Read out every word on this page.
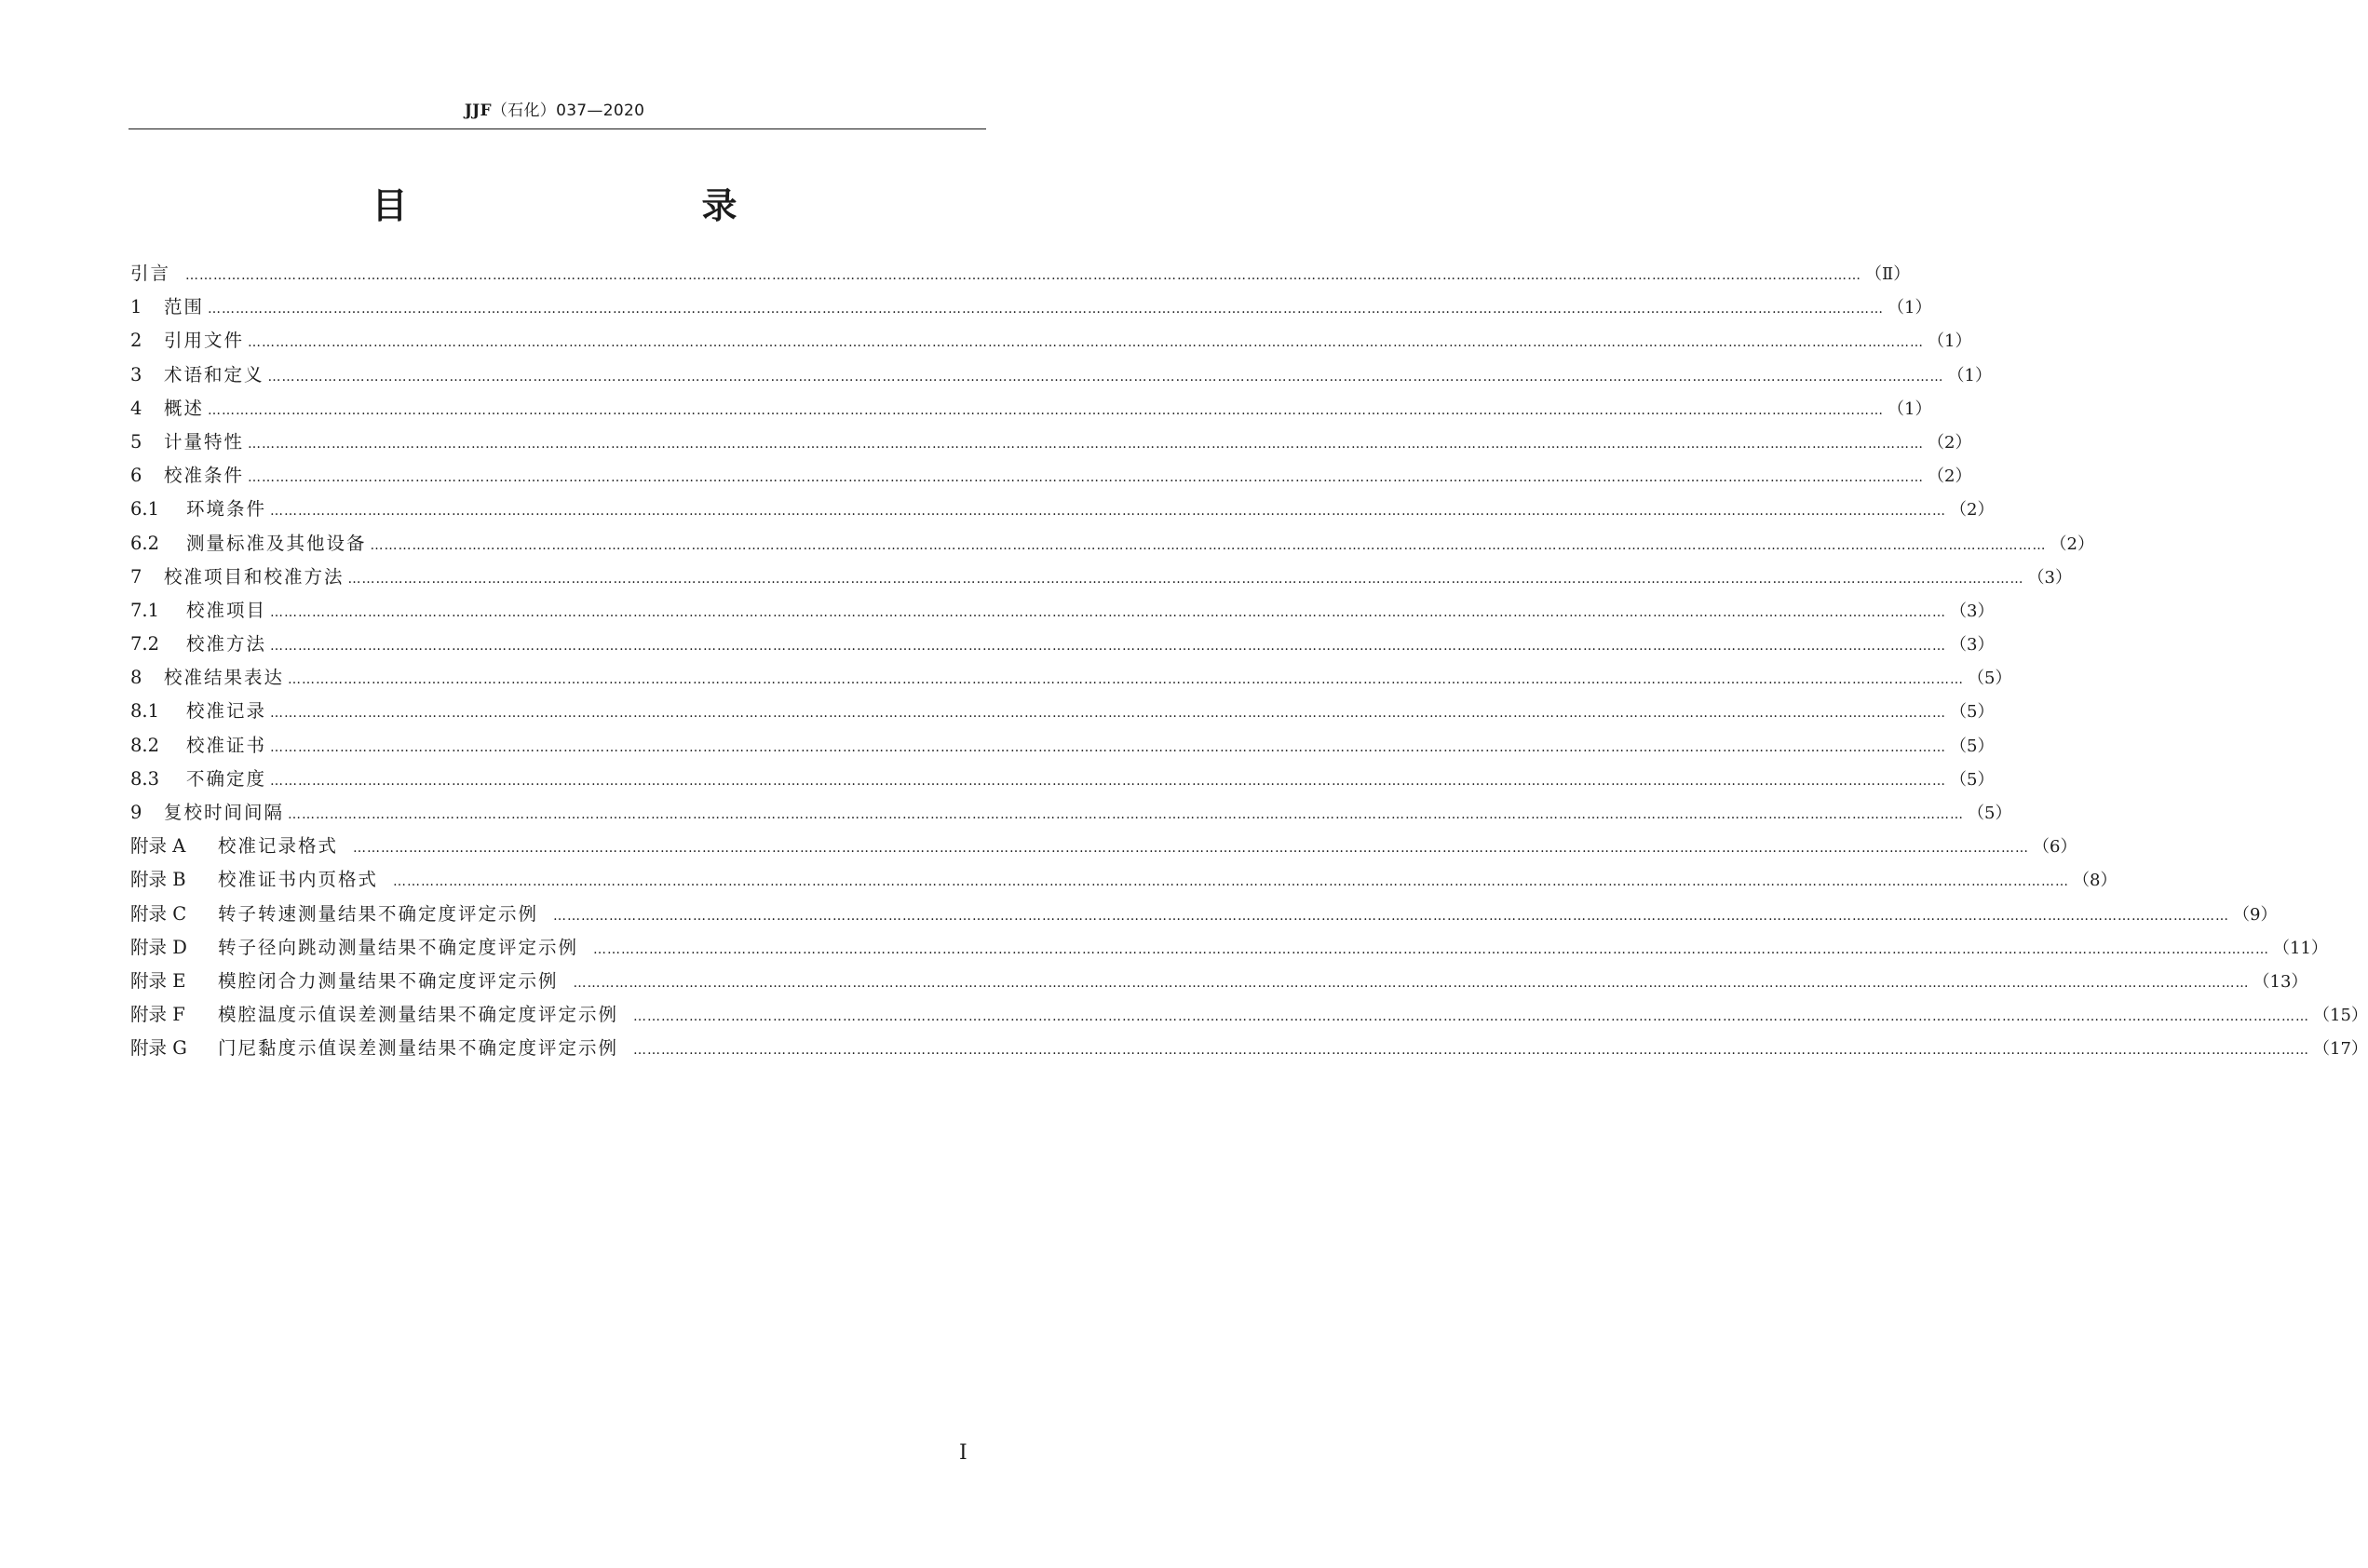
JJF（石化）037—2020
目　　录
引言 ……………………………………………………………………………………………………………………………………………………………………………………………………………………………………………………………………………………………………………………………… （Ⅱ）
1	范围 ……………………………………………………………………………………………………………………………………………………………………………………………………………………………………………………………………………………………………………………………… （1）
2	引用文件 ……………………………………………………………………………………………………………………………………………………………………………………………………………………………………………………………………………………………………………………………… （1）
3	术语和定义 ……………………………………………………………………………………………………………………………………………………………………………………………………………………………………………………………………………………………………………………………… （1）
4	概述 ……………………………………………………………………………………………………………………………………………………………………………………………………………………………………………………………………………………………………………………………… （1）
5	计量特性 ……………………………………………………………………………………………………………………………………………………………………………………………………………………………………………………………………………………………………………………………… （2）
6	校准条件 ……………………………………………………………………………………………………………………………………………………………………………………………………………………………………………………………………………………………………………………………… （2）
6.1	环境条件 ……………………………………………………………………………………………………………………………………………………………………………………………………………………………………………………………………………………………………………………………… （2）
6.2	测量标准及其他设备 ……………………………………………………………………………………………………………………………………………………………………………………………………………………………………………………………………………………………………………………………… （2）
7	校准项目和校准方法 ……………………………………………………………………………………………………………………………………………………………………………………………………………………………………………………………………………………………………………………………… （3）
7.1	校准项目 ……………………………………………………………………………………………………………………………………………………………………………………………………………………………………………………………………………………………………………………………… （3）
7.2	校准方法 ……………………………………………………………………………………………………………………………………………………………………………………………………………………………………………………………………………………………………………………………… （3）
8	校准结果表达 ……………………………………………………………………………………………………………………………………………………………………………………………………………………………………………………………………………………………………………………………… （5）
8.1	校准记录 ……………………………………………………………………………………………………………………………………………………………………………………………………………………………………………………………………………………………………………………………… （5）
8.2	校准证书 ……………………………………………………………………………………………………………………………………………………………………………………………………………………………………………………………………………………………………………………………… （5）
8.3	不确定度 ……………………………………………………………………………………………………………………………………………………………………………………………………………………………………………………………………………………………………………………………… （5）
9	复校时间间隔 ……………………………………………………………………………………………………………………………………………………………………………………………………………………………………………………………………………………………………………………………… （5）
附录 A	校准记录格式 ……………………………………………………………………………………………………………………………………………………………………………………………………………………………………………………………………………………………………………………………… （6）
附录 B	校准证书内页格式 ……………………………………………………………………………………………………………………………………………………………………………………………………………………………………………………………………………………………………………………………… （8）
附录 C	转子转速测量结果不确定度评定示例 ……………………………………………………………………………………………………………………………………………………………………………………………………………………………………………………………………………………………………………………………… （9）
附录 D	转子径向跳动测量结果不确定度评定示例 ……………………………………………………………………………………………………………………………………………………………………………………………………………………………………………………………………………………………………………………………… （11）
附录 E	模腔闭合力测量结果不确定度评定示例 ……………………………………………………………………………………………………………………………………………………………………………………………………………………………………………………………………………………………………………………………… （13）
附录 F	模腔温度示值误差测量结果不确定度评定示例 ……………………………………………………………………………………………………………………………………………………………………………………………………………………………………………………………………………………………………………………………… （15）
附录 G	门尼黏度示值误差测量结果不确定度评定示例 ……………………………………………………………………………………………………………………………………………………………………………………………………………………………………………………………………………………………………………………………… （17）
Ⅰ
